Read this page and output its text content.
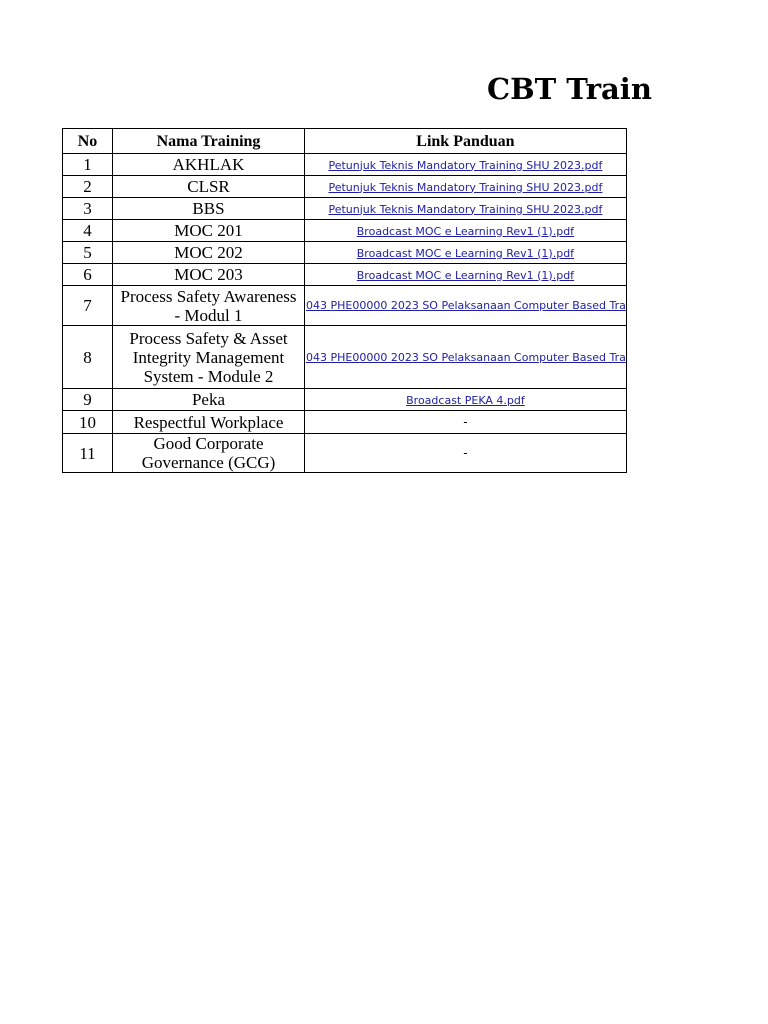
CBT Train
No	Nama Training	Link Panduan
1	AKHLAK	Petunjuk Teknis Mandatory Training SHU 2023.pdf
2	CLSR	Petunjuk Teknis Mandatory Training SHU 2023.pdf
3	BBS	Petunjuk Teknis Mandatory Training SHU 2023.pdf
4	MOC 201	Broadcast MOC e Learning Rev1 (1).pdf
5	MOC 202	Broadcast MOC e Learning Rev1 (1).pdf
6	MOC 203	Broadcast MOC e Learning Rev1 (1).pdf
7	Process Safety Awareness
- Modul 1	043 PHE00000 2023 SO Pelaksanaan Computer Based Tra

8	Process Safety & Asset
Integrity Management
System - Module 2	043 PHE00000 2023 SO Pelaksanaan Computer Based Tra

9	Peka	Broadcast PEKA 4.pdf
10	Respectful Workplace	-
11	Good Corporate
Governance (GCG)	-
